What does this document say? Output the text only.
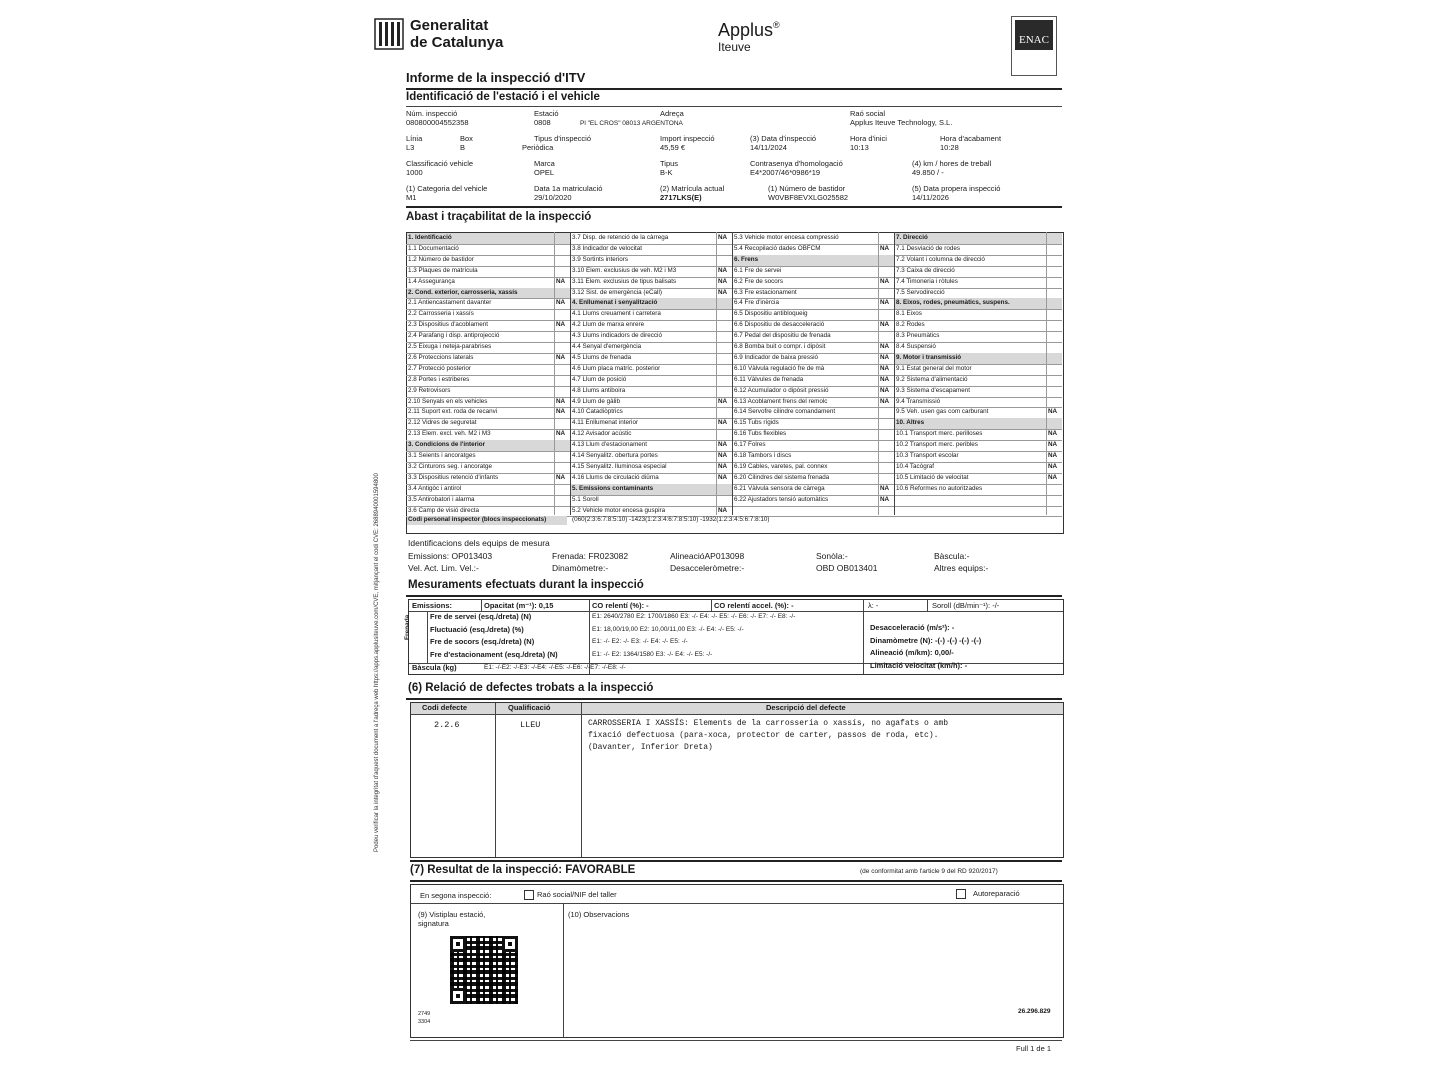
Generalitat
de Catalunya
Applus®
Iteuve	ENAC
Podeu verificar la integritat d'aquest document a l'adreça web https://apps.applusiteuve.com/CVE, mitjançant el codi CVE: 2688940001594800
Informe de la inspecció d'ITV
Identificació de l'estació i el vehicle
Núm. inspecció
080800004552358
Estació
0808
Adreça
Pl "EL CROS" 08013 ARGENTONA
Raó social
Applus Iteuve Technology, S.L.
Línia
L3
Box
B
Tipus d'inspecció
Periòdica
Import inspecció
45,59 €
(3) Data d'inspecció
14/11/2024
Hora d'inici
10:13
Hora d'acabament
10:28
Classificació vehicle
1000
Marca
OPEL
Tipus
B-K
Contrasenya d'homologació
E4*2007/46*0986*19
(4) km / hores de treball
49.850 / -
(1) Categoria del vehicle
M1
Data 1a matriculació
29/10/2020
(2) Matrícula actual
2717LKS(E)
(1) Número de bastidor
W0VBF8EVXLG025582
(5) Data propera inspecció
14/11/2026
Abast i traçabilitat de la inspecció
Identificacions dels equips de mesura
Emissions: OP013403	Frenada: FR023082	AlineacióAP013098	Sonòla:-	Bàscula:-
Vel. Act. Lim. Vel.:-	Dinamòmetre:-	Desacceleròmetre:-	OBD OB013401	Altres equips:-
Mesuraments efectuats durant la inspecció
Emissions:	Opacitat (m⁻¹): 0,15	CO relentí (%): -	CO relentí accel. (%): -	λ: -	Soroll (dB/min⁻¹): -/-
Frenada
Bàscula (kg)	E1: -/-E2: -/-E3: -/-E4: -/-E5: -/-E6: -/-E7: -/-E8: -/-
(6) Relació de defectes trobats a la inspecció
Codi defecte	Qualificació	Descripció del defecte
2.2.6	LLEU	CARROSSERIA I XASSÍS: Elements de la carrosseria o xassís, no agafats o amb
fixació defectuosa (para-xoca, protector de carter, passos de roda, etc).
(Davanter, Inferior Dreta)
(7) Resultat de la inspecció: FAVORABLE	(de conformitat amb l'article 9 del RD 920/2017)
En segona inspecció:	Raó social/NIF del taller	Autoreparació
(9) Vistiplau estació, signatura
(10) Observacions
2749
3304
26.296.829
Full 1 de 1
1. Identificació
1.1 Documentació
1.2 Número de bastidor
1.3 Plaques de matrícula
1.4 Assegurança	NA
2. Cond. exterior, carrosseria, xassís
2.1 Antiencastament davanter	NA
2.2 Carrosseria i xassís
2.3 Dispositius d'acoblament	NA
2.4 Parafang i disp. antiprojecció
2.5 Eixuga i neteja-parabrises
2.6 Proteccions laterals	NA
2.7 Protecció posterior
2.8 Portes i estriberes
2.9 Retrovisors
2.10 Senyals en els vehicles	NA
2.11 Suport ext. roda de recanvi	NA
2.12 Vidres de seguretat
2.13 Elem. excl. veh. M2 i M3	NA
3. Condicions de l'interior
3.1 Seients i ancoratges
3.2 Cinturons seg. i ancoratge
3.3 Dispositius retenció d'infants	NA
3.4 Antigòc i antirol
3.5 Antirobatori i alarma
3.6 Camp de visió directa
3.7 Disp. de retenció de la càrrega	NA
3.8 Indicador de velocitat
3.9 Sortints interiors
3.10 Elem. exclusius de veh. M2 i M3	NA
3.11 Elem. exclusius de tipus balisats	NA
3.12 Sist. de emergència (eCall)	NA
4. Enllumenat i senyalització
4.1 Llums creuament i carretera
4.2 Llum de marxa enrere
4.3 Llums indicadors de direcció
4.4 Senyal d'emergència
4.5 Llums de frenada
4.6 Llum placa matríc. posterior
4.7 Llum de posició
4.8 Llums antiboira
4.9 Llum de gàlib	NA
4.10 Catadiòptrics
4.11 Enllumenat interior	NA
4.12 Avisador acústic
4.13 Llum d'estacionament	NA
4.14 Senyalitz. obertura portes	NA
4.15 Senyalitz. lluminosa especial	NA
4.16 Llums de circulació diürna	NA
5. Emissions contaminants
5.1 Soroll
5.2 Vehicle motor encesa guspira	NA
5.3 Vehicle motor encesa compressió
5.4 Recopilació dades OBFCM	NA
6. Frens
6.1 Fre de servei
6.2 Fre de socors	NA
6.3 Fre estacionament
6.4 Fre d'inèrcia	NA
6.5 Dispositiu antibloqueig
6.6 Dispositiu de desacceleració	NA
6.7 Pedal del dispositiu de frenada
6.8 Bomba buit o compr. i dipòsit	NA
6.9 Indicador de baixa pressió	NA
6.10 Vàlvula regulació fre de mà	NA
6.11 Vàlvules de frenada	NA
6.12 Acumulador o dipòsit pressió	NA
6.13 Acoblament frens del remolc	NA
6.14 Servofre cilindre comandament
6.15 Tubs rígids
6.16 Tubs flexibles
6.17 Folres
6.18 Tambors i discs
6.19 Cables, varetes, pal. connex
6.20 Cilindres del sistema frenada
6.21 Vàlvula sensora de càrrega	NA
6.22 Ajustadors tensió automàtics	NA
7. Direcció
7.1 Desviació de rodes
7.2 Volant i columna de direcció
7.3 Caixa de direcció
7.4 Timoneria i ròtules
7.5 Servodirecció
8. Eixos, rodes, pneumàtics, suspens.
8.1 Eixos
8.2 Rodes
8.3 Pneumàtics
8.4 Suspensió
9. Motor i transmissió
9.1 Estat general del motor
9.2 Sistema d'alimentació
9.3 Sistema d'escapament
9.4 Transmissió
9.5 Veh. usen gas com carburant	NA
10. Altres
10.1 Transport merc. perilloses	NA
10.2 Transport merc. peribles	NA
10.3 Transport escolar	NA
10.4 Tacògraf	NA
10.5 Limitació de velocitat	NA
10.6 Reformes no autoritzades
Codi personal inspector (blocs inspeccionats)	(060(2:3:6:7:8:5:10) -1423(1:2:3:4:6:7:8:5:10) -1932(1:2:3:4:5:6:7:8:10)
Fre de servei (esq./dreta) (N)	E1: 2640/2780 E2: 1700/1860 E3: -/- E4: -/- E5: -/- E6: -/- E7: -/- E8: -/-
Fluctuació (esq./dreta) (%)	E1: 18,00/19,00 E2: 10,00/11,00 E3: -/- E4: -/- E5: -/-
Fre de socors (esq./dreta) (N)	E1: -/- E2: -/- E3: -/- E4: -/- E5: -/-
Fre d'estacionament (esq./dreta) (N)	E1: -/- E2: 1364/1580 E3: -/- E4: -/- E5: -/-
Desacceleració (m/s²): -
Dinamòmetre (N): -(-) -(-) -(-) -(-)
Alineació (m/km): 0,00/-
Limitació velocitat (km/h): -
